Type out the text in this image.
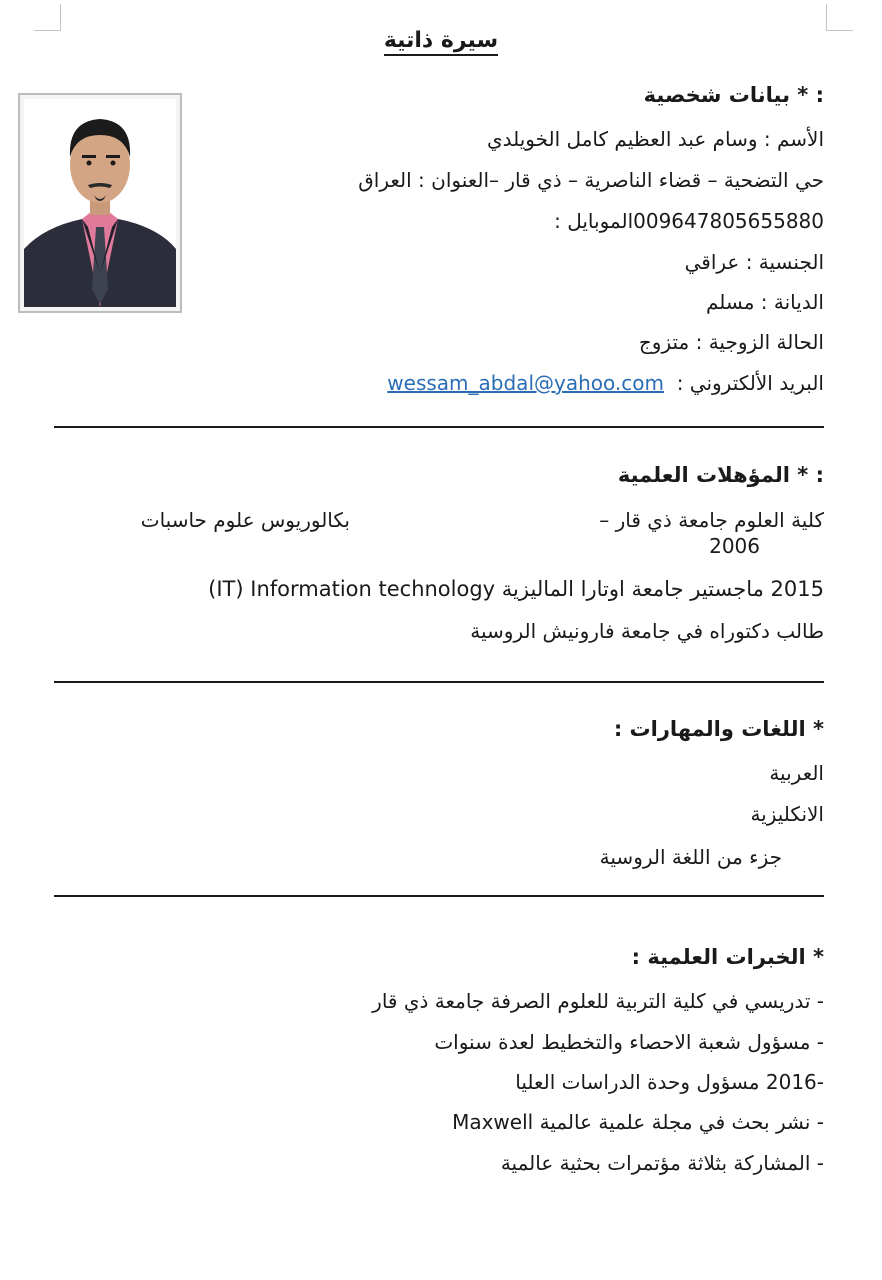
سيرة ذاتية
: * بيانات شخصية
الأسم : وسام عبد العظيم كامل الخويلدي
حي التضحية – قضاء الناصرية – ذي قار –العنوان : العراق
009647805655880الموبايل :
الجنسية : عراقي
الديانة : مسلم
الحالة الزوجية : متزوج
البريد الألكتروني :  wessam_abdal@yahoo.com
: * المؤهلات العلمية
كلية العلوم جامعة ذي قار –
بكالوريوس علوم حاسبات
2006
2015 ماجستير جامعة اوتارا الماليزية (IT) Information technology
طالب دكتوراه في جامعة فارونيش الروسية
* اللغات والمهارات :
العربية
الانكليزية
جزء من اللغة الروسية
* الخبرات العلمية :
- تدريسي في كلية التربية للعلوم الصرفة جامعة ذي قار
- مسؤول شعبة الاحصاء والتخطيط لعدة سنوات
2016- مسؤول وحدة الدراسات العليا
- نشر بحث في مجلة علمية عالمية Maxwell
- المشاركة بثلاثة مؤتمرات بحثية عالمية
